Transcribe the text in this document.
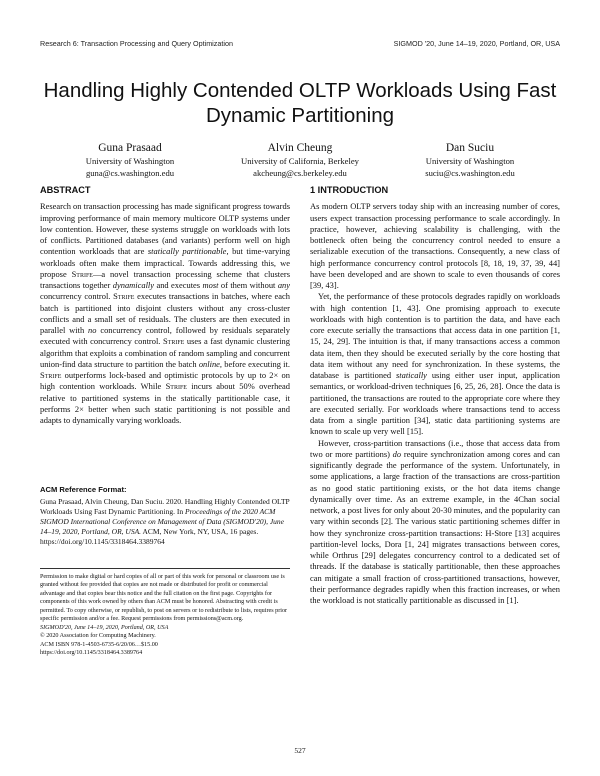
Research 6: Transaction Processing and Query Optimization	SIGMOD '20, June 14–19, 2020, Portland, OR, USA
Handling Highly Contended OLTP Workloads Using Fast Dynamic Partitioning
Guna Prasaad
University of Washington
guna@cs.washington.edu
Alvin Cheung
University of California, Berkeley
akcheung@cs.berkeley.edu
Dan Suciu
University of Washington
suciu@cs.washington.edu
ABSTRACT

Research on transaction processing has made significant progress towards improving performance of main memory multicore OLTP systems under low contention. However, these systems struggle on workloads with lots of conflicts. Partitioned databases (and variants) perform well on high contention workloads that are statically partitionable, but time-varying workloads often make them impractical. Towards addressing this, we propose Strife—a novel transaction processing scheme that clusters transactions together dynamically and executes most of them without any concurrency control. Strife executes transactions in batches, where each batch is partitioned into disjoint clusters without any cross-cluster conflicts and a small set of residuals. The clusters are then executed in parallel with no concurrency control, followed by residuals separately executed with concurrency control. Strife uses a fast dynamic clustering algorithm that exploits a combination of random sampling and concurrent union-find data structure to partition the batch online, before executing it. Strife outperforms lock-based and optimistic protocols by up to 2× on high contention workloads. While Strife incurs about 50% overhead relative to partitioned systems in the statically partitionable case, it performs 2× better when such static partitioning is not possible and adapts to dynamically varying workloads.

ACM Reference Format:
Guna Prasaad, Alvin Cheung, Dan Suciu. 2020. Handling Highly Contended OLTP Workloads Using Fast Dynamic Partitioning. In Proceedings of the 2020 ACM SIGMOD International Conference on Management of Data (SIGMOD'20), June 14–19, 2020, Portland, OR, USA. ACM, New York, NY, USA, 16 pages. https://doi.org/10.1145/3318464.3389764

Permission to make digital or hard copies of all or part of this work for personal or classroom use is granted without fee provided that copies are not made or distributed for profit or commercial advantage and that copies bear this notice and the full citation on the first page. Copyrights for components of this work owned by others than ACM must be honored. Abstracting with credit is permitted. To copy otherwise, or republish, to post on servers or to redistribute to lists, requires prior specific permission and/or a fee. Request permissions from permissions@acm.org.

SIGMOD'20, June 14–19, 2020, Portland, OR, USA

© 2020 Association for Computing Machinery.

ACM ISBN 978-1-4503-6735-6/20/06…$15.00

https://doi.org/10.1145/3318464.3389764

1 INTRODUCTION

As modern OLTP servers today ship with an increasing number of cores, users expect transaction processing performance to scale accordingly. In practice, however, achieving scalability is challenging, with the bottleneck often being the concurrency control needed to ensure a serializable execution of the transactions. Consequently, a new class of high performance concurrency control protocols [8, 18, 19, 37, 39, 44] have been developed and are shown to scale to even thousands of cores [39, 43].

Yet, the performance of these protocols degrades rapidly on workloads with high contention [1, 43]. One promising approach to execute workloads with high contention is to partition the data, and have each core execute serially the transactions that access data in one partition [1, 15, 24, 29]. The intuition is that, if many transactions access a common data item, then they should be executed serially by the core hosting that data item without any need for synchronization. In these systems, the database is partitioned statically using either user input, application semantics, or workload-driven techniques [6, 25, 26, 28]. Once the data is partitioned, the transactions are routed to the appropriate core where they are executed serially. For workloads where transactions tend to access data from a single partition [34], static data partitioning systems are known to scale up very well [15].

However, cross-partition transactions (i.e., those that access data from two or more partitions) do require synchronization among cores and can significantly degrade the performance of the system. Unfortunately, in some applications, a large fraction of the transactions are cross-partition as no good static partitioning exists, or the hot data items change dynamically over time. As an extreme example, in the 4Chan social network, a post lives for only about 20-30 minutes, and the popularity can vary within seconds [2]. The various static partitioning schemes differ in how they synchronize cross-partition transactions: H-Store [13] acquires partition-level locks, Dora [1, 24] migrates transactions between cores, while Orthrus [29] delegates concurrency control to a dedicated set of threads. If the database is statically partitionable, then these approaches can mitigate a small fraction of cross-partitioned transactions, however, their performance degrades rapidly when this fraction increases, or when the workload is not statically partitionable as discussed in [1].

527
